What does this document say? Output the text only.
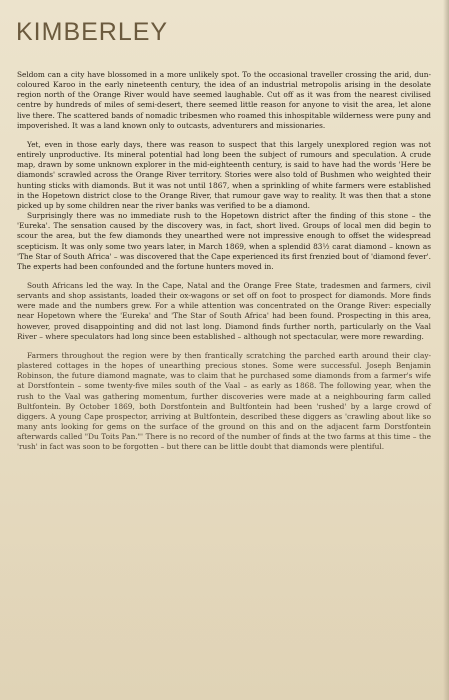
KIMBERLEY

Seldom can a city have blossomed in a more unlikely spot. To the occasional traveller crossing the arid, dun-coloured Karoo in the early nineteenth century, the idea of an industrial metropolis arising in the desolate region north of the Orange River would have seemed laughable. Cut off as it was from the nearest civilised centre by hundreds of miles of semi-desert, there seemed little reason for anyone to visit the area, let alone live there. The scattered bands of nomadic tribesmen who roamed this inhospitable wilderness were puny and impoverished. It was a land known only to outcasts, adventurers and missionaries.

Yet, even in those early days, there was reason to suspect that this largely unexplored region was not entirely unproductive. Its mineral potential had long been the subject of rumours and speculation. A crude map, drawn by some unknown explorer in the mid-eighteenth century, is said to have had the words 'Here be diamonds' scrawled across the Orange River territory. Stories were also told of Bushmen who weighted their hunting sticks with diamonds. But it was not until 1867, when a sprinkling of white farmers were established in the Hopetown district close to the Orange River, that rumour gave way to reality. It was then that a stone picked up by some children near the river banks was verified to be a diamond.

Surprisingly there was no immediate rush to the Hopetown district after the finding of this stone – the 'Eureka'. The sensation caused by the discovery was, in fact, short lived. Groups of local men did begin to scour the area, but the few diamonds they unearthed were not impressive enough to offset the widespread scepticism. It was only some two years later, in March 1869, when a splendid 83½ carat diamond – known as 'The Star of South Africa' – was discovered that the Cape experienced its first frenzied bout of 'diamond fever'. The experts had been confounded and the fortune hunters moved in.

South Africans led the way. In the Cape, Natal and the Orange Free State, tradesmen and farmers, civil servants and shop assistants, loaded their ox-wagons or set off on foot to prospect for diamonds. More finds were made and the numbers grew. For a while attention was concentrated on the Orange River: especially near Hopetown where the 'Eureka' and 'The Star of South Africa' had been found. Prospecting in this area, however, proved disappointing and did not last long. Diamond finds further north, particularly on the Vaal River – where speculators had long since been established – although not spectacular, were more rewarding.

Farmers throughout the region were by then frantically scratching the parched earth around their clay-plastered cottages in the hopes of unearthing precious stones. Some were successful. Joseph Benjamin Robinson, the future diamond magnate, was to claim that he purchased some diamonds from a farmer's wife at Dorstfontein – some twenty-five miles south of the Vaal – as early as 1868. The following year, when the rush to the Vaal was gathering momentum, further discoveries were made at a neighbouring farm called Bultfontein. By October 1869, both Dorstfontein and Bultfontein had been 'rushed' by a large crowd of diggers. A young Cape prospector, arriving at Bultfontein, described these diggers as 'crawling about like so many ants looking for gems on the surface of the ground on this and on the adjacent farm Dorstfontein afterwards called "Du Toits Pan."' There is no record of the number of finds at the two farms at this time – the 'rush' in fact was soon to be forgotten – but there can be little doubt that diamonds were plentiful.
